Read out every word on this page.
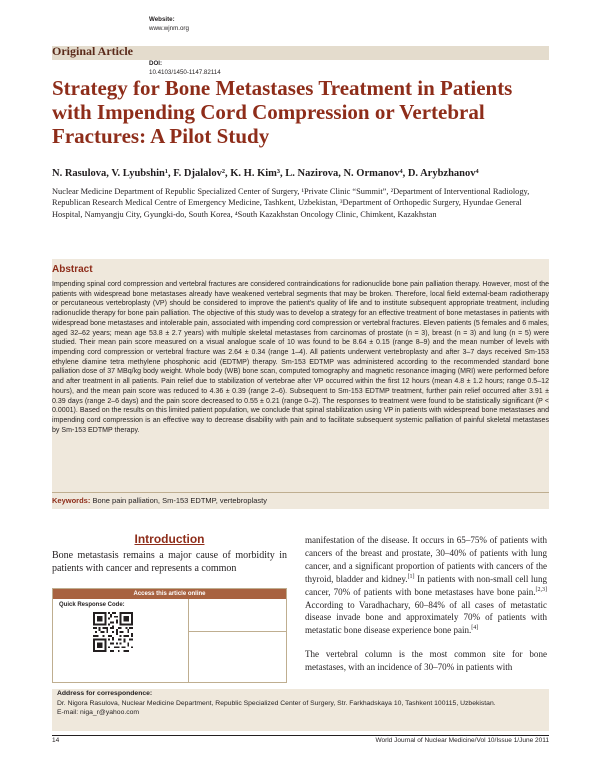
Original Article
Strategy for Bone Metastases Treatment in Patients
with Impending Cord Compression or Vertebral
Fractures: A Pilot Study
N. Rasulova, V. Lyubshin¹, F. Djalalov², K. H. Kim³, L. Nazirova, N. Ormanov⁴, D. Arybzhanov⁴
Nuclear Medicine Department of Republic Specialized Center of Surgery, ¹Private Clinic “Summit”, ²Department of Interventional Radiology, Republican Research Medical Centre of Emergency Medicine, Tashkent, Uzbekistan, ³Department of Orthopedic Surgery, Hyundae General Hospital, Namyangju City, Gyungki-do, South Korea, ⁴South Kazakhstan Oncology Clinic, Chimkent, Kazakhstan
Abstract
Impending spinal cord compression and vertebral fractures are considered contraindications for radionuclide bone pain palliation therapy. However, most of the patients with widespread bone metastases already have weakened vertebral segments that may be broken. Therefore, local field external-beam radiotherapy or percutaneous vertebroplasty (VP) should be considered to improve the patient's quality of life and to institute subsequent appropriate treatment, including radionuclide therapy for bone pain palliation. The objective of this study was to develop a strategy for an effective treatment of bone metastases in patients with widespread bone metastases and intolerable pain, associated with impending cord compression or vertebral fractures. Eleven patients (5 females and 6 males, aged 32–62 years; mean age 53.8 ± 2.7 years) with multiple skeletal metastases from carcinomas of prostate (n = 3), breast (n = 3) and lung (n = 5) were studied. Their mean pain score measured on a visual analogue scale of 10 was found to be 8.64 ± 0.15 (range 8–9) and the mean number of levels with impending cord compression or vertebral fracture was 2.64 ± 0.34 (range 1–4). All patients underwent vertebroplasty and after 3–7 days received Sm-153 ethylene diamine tetra methylene phosphonic acid (EDTMP) therapy. Sm-153 EDTMP was administered according to the recommended standard bone palliation dose of 37 MBq/kg body weight. Whole body (WB) bone scan, computed tomography and magnetic resonance imaging (MRI) were performed before and after treatment in all patients. Pain relief due to stabilization of vertebrae after VP occurred within the first 12 hours (mean 4.8 ± 1.2 hours; range 0.5–12 hours), and the mean pain score was reduced to 4.36 ± 0.39 (range 2–6). Subsequent to Sm-153 EDTMP treatment, further pain relief occurred after 3.91 ± 0.39 days (range 2–6 days) and the pain score decreased to 0.55 ± 0.21 (range 0–2). The responses to treatment were found to be statistically significant (P < 0.0001). Based on the results on this limited patient population, we conclude that spinal stabilization using VP in patients with widespread bone metastases and impending cord compression is an effective way to decrease disability with pain and to facilitate subsequent systemic palliation of painful skeletal metastases by Sm-153 EDTMP therapy.
Keywords: Bone pain palliation, Sm-153 EDTMP, vertebroplasty
Introduction
Bone metastasis remains a major cause of morbidity in patients with cancer and represents a common
Access this article online
Quick Response Code:
Website:
www.wjnm.org
DOI:
10.4103/1450-1147.82114

manifestation of the disease. It occurs in 65–75% of patients with cancers of the breast and prostate, 30–40% of patients with lung cancer, and a significant proportion of patients with cancers of the thyroid, bladder and kidney.[1] In patients with non-small cell lung cancer, 70% of patients with bone metastases have bone pain.[2,3] According to Varadhachary, 60–84% of all cases of metastatic disease invade bone and approximately 70% of patients with metastatic bone disease experience bone pain.[4]

The vertebral column is the most common site for bone metastases, with an incidence of 30–70% in patients with

Address for correspondence:
Dr. Nigora Rasulova, Nuclear Medicine Department, Republic Specialized Center of Surgery, Str. Farkhadskaya 10, Tashkent 100115, Uzbekistan.
E-mail: niga_r@yahoo.com
14	World Journal of Nuclear Medicine/Vol 10/Issue 1/June 2011
